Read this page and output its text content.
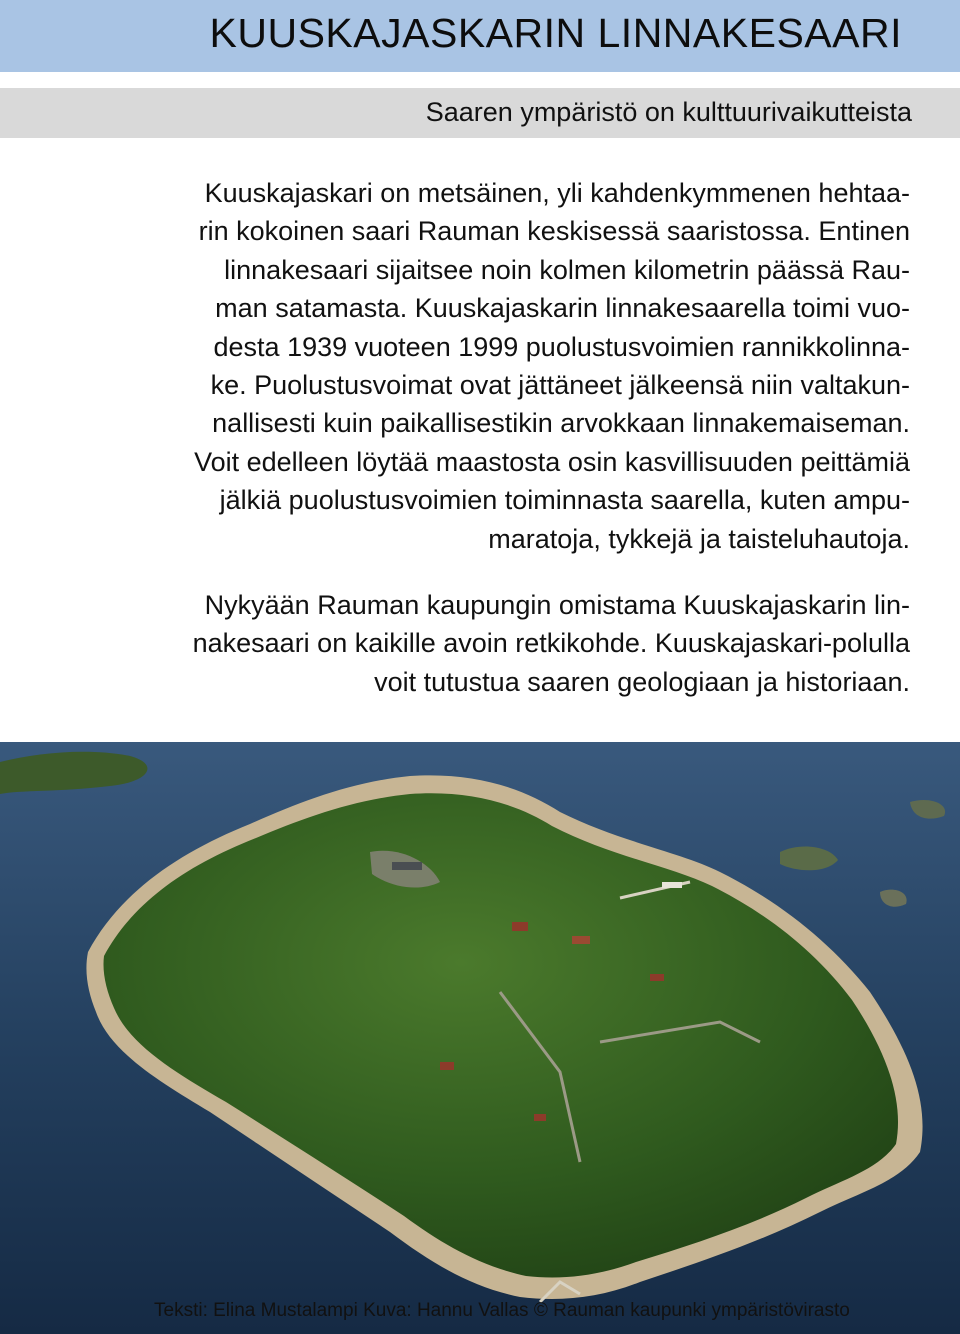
KUUSKAJASKARIN LINNAKESAARI
Saaren ympäristö on kulttuurivaikutteista
Kuuskajaskari on metsäinen, yli kahdenkymmenen hehtaa-
rin kokoinen saari Rauman keskisessä saaristossa. Entinen
linnakesaari sijaitsee noin kolmen kilometrin päässä Rau-
man satamasta. Kuuskajaskarin linnakesaarella toimi vuo-
desta 1939 vuoteen 1999 puolustusvoimien rannikkolinna-
ke. Puolustusvoimat ovat jättäneet jälkeensä niin valtakun-
nallisesti kuin paikallisestikin arvokkaan linnakemaiseman.
Voit edelleen löytää maastosta osin kasvillisuuden peittämiä
jälkiä puolustusvoimien toiminnasta saarella, kuten ampu-
maratoja, tykkejä ja taisteluhautoja.
Nykyään Rauman kaupungin omistama Kuuskajaskarin lin-
nakesaari on kaikille avoin retkikohde. Kuuskajaskari-polulla
voit tutustua saaren geologiaan ja historiaan.
Teksti: Elina Mustalampi Kuva: Hannu Vallas © Rauman kaupunki ympäristövirasto
